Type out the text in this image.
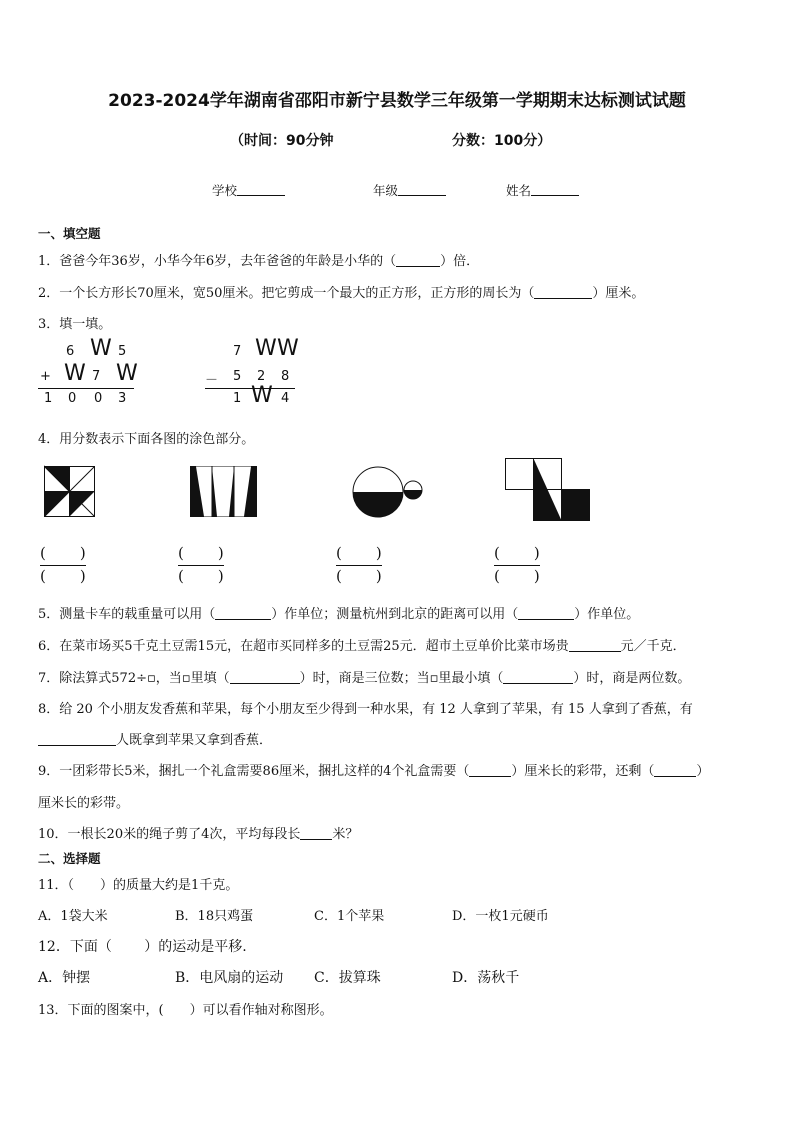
2023-2024学年湖南省邵阳市新宁县数学三年级第一学期期末达标测试试题
（时间：90分钟	分数：100分）
学校	年级	姓名
一、填空题
1．爸爸今年36岁，小华今年6岁，去年爸爸的年龄是小华的（	）倍．
2．一个长方形长70厘米，宽50厘米。把它剪成一个最大的正方形，正方形的周长为（	）厘米。
3．填一填。
6 W 5
+ W 7 W
1 0 0 3
7 W W
－ 5 2 8
1 W 4
4．用分数表示下面各图的涂色部分。
( )
( )
( )
( )
( )
( )
( )
( )
5．测量卡车的载重量可以用（	）作单位；测量杭州到北京的距离可以用（	）作单位。
6．在菜市场买5千克土豆需15元，在超市买同样多的土豆需25元．超市土豆单价比菜市场贵	元／千克．
7．除法算式572÷▫，当▫里填（	）时，商是三位数；当▫里最小填（	）时，商是两位数。
8．给 20 个小朋友发香蕉和苹果，每个小朋友至少得到一种水果，有 12 人拿到了苹果，有 15 人拿到了香蕉，有
人既拿到苹果又拿到香蕉．
9．一团彩带长5米，捆扎一个礼盒需要86厘米，捆扎这样的4个礼盒需要（	）厘米长的彩带，还剩（	）
厘米长的彩带。
10．一根长20米的绳子剪了4次，平均每段长 米？
二、选择题
11．（　　）的质量大约是1千克。
A．1袋大米	B．18只鸡蛋	C．1个苹果	D．一枚1元硬币
12．下面（　　 ）的运动是平移.
A．钟摆	B．电风扇的运动 C．拔算珠	D．荡秋千
13．下面的图案中，(　　）可以看作轴对称图形。
